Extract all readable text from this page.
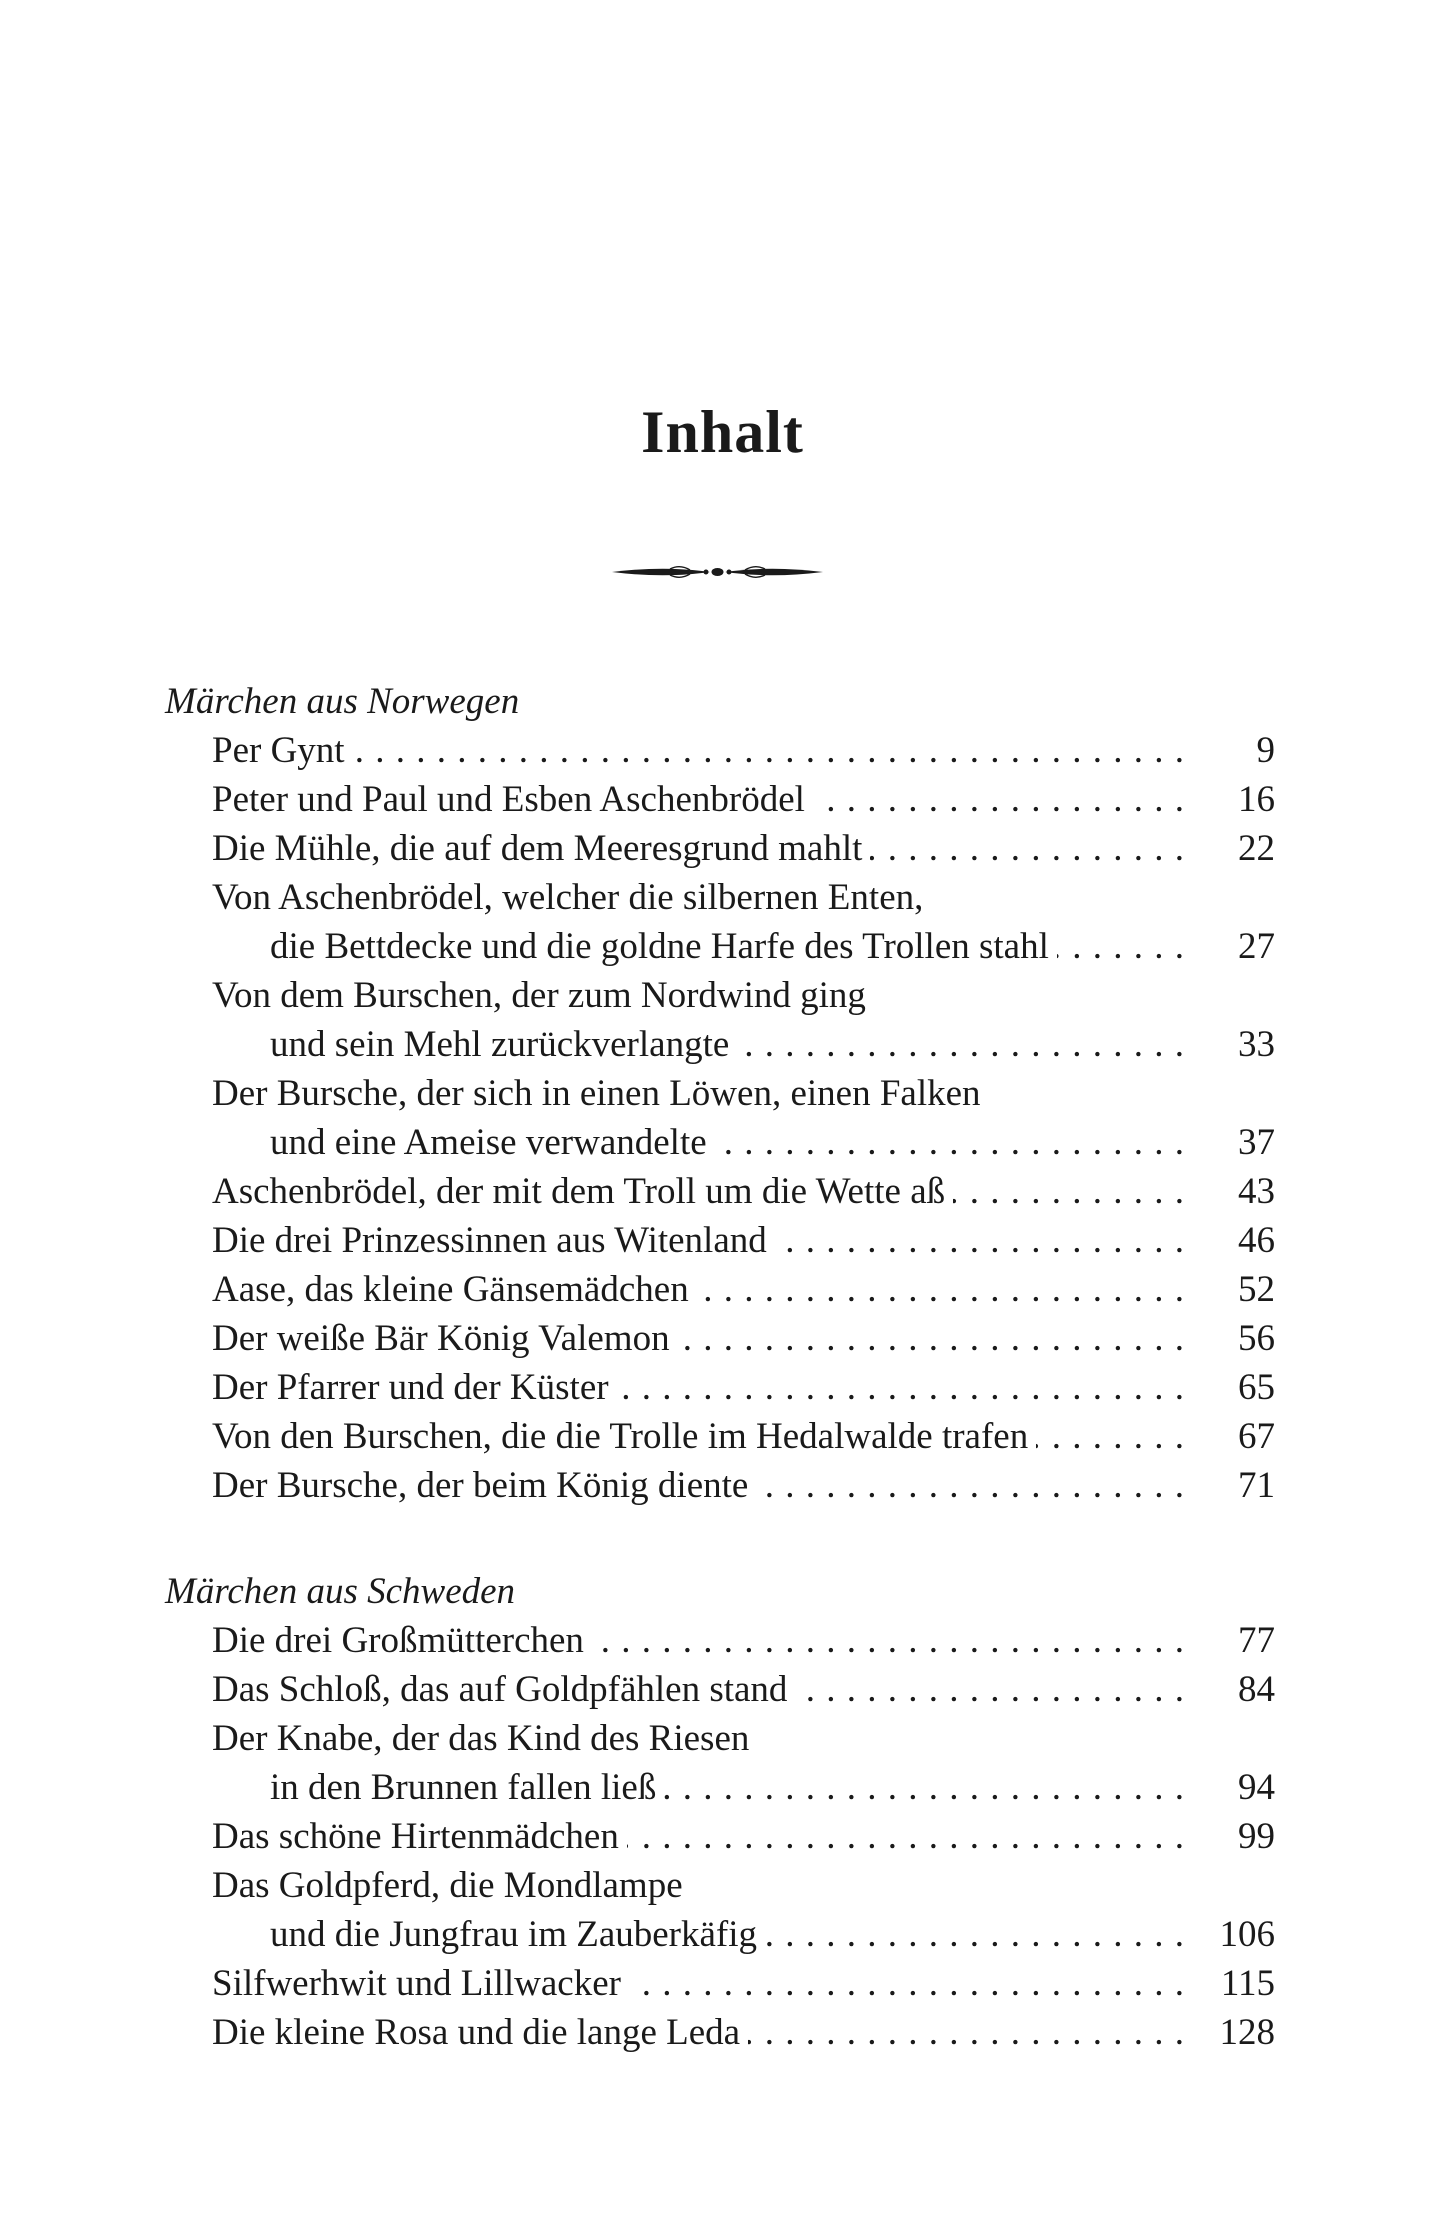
Inhalt
Märchen aus Norwegen
Per Gynt . . .	9
Peter und Paul und Esben Aschenbrödel . . .	16
Die Mühle, die auf dem Meeresgrund mahlt . . .	22
Von Aschenbrödel, welcher die silbernen Enten,
die Bettdecke und die goldne Harfe des Trollen stahl . . .	27
Von dem Burschen, der zum Nordwind ging
und sein Mehl zurückverlangte . . .	33
Der Bursche, der sich in einen Löwen, einen Falken
und eine Ameise verwandelte . . .	37
Aschenbrödel, der mit dem Troll um die Wette aß . . .	43
Die drei Prinzessinnen aus Witenland . . .	46
Aase, das kleine Gänsemädchen . . .	52
Der weiße Bär König Valemon . . .	56
Der Pfarrer und der Küster . . .	65
Von den Burschen, die die Trolle im Hedalwalde trafen . . .	67
Der Bursche, der beim König diente . . .	71
Märchen aus Schweden
Die drei Großmütterchen . . .	77
Das Schloß, das auf Goldpfählen stand . . .	84
Der Knabe, der das Kind des Riesen
in den Brunnen fallen ließ . . .	94
Das schöne Hirtenmädchen . . .	99
Das Goldpferd, die Mondlampe
und die Jungfrau im Zauberkäfig . . .	106
Silfwerhwit und Lillwacker . . .	115
Die kleine Rosa und die lange Leda . . .	128
